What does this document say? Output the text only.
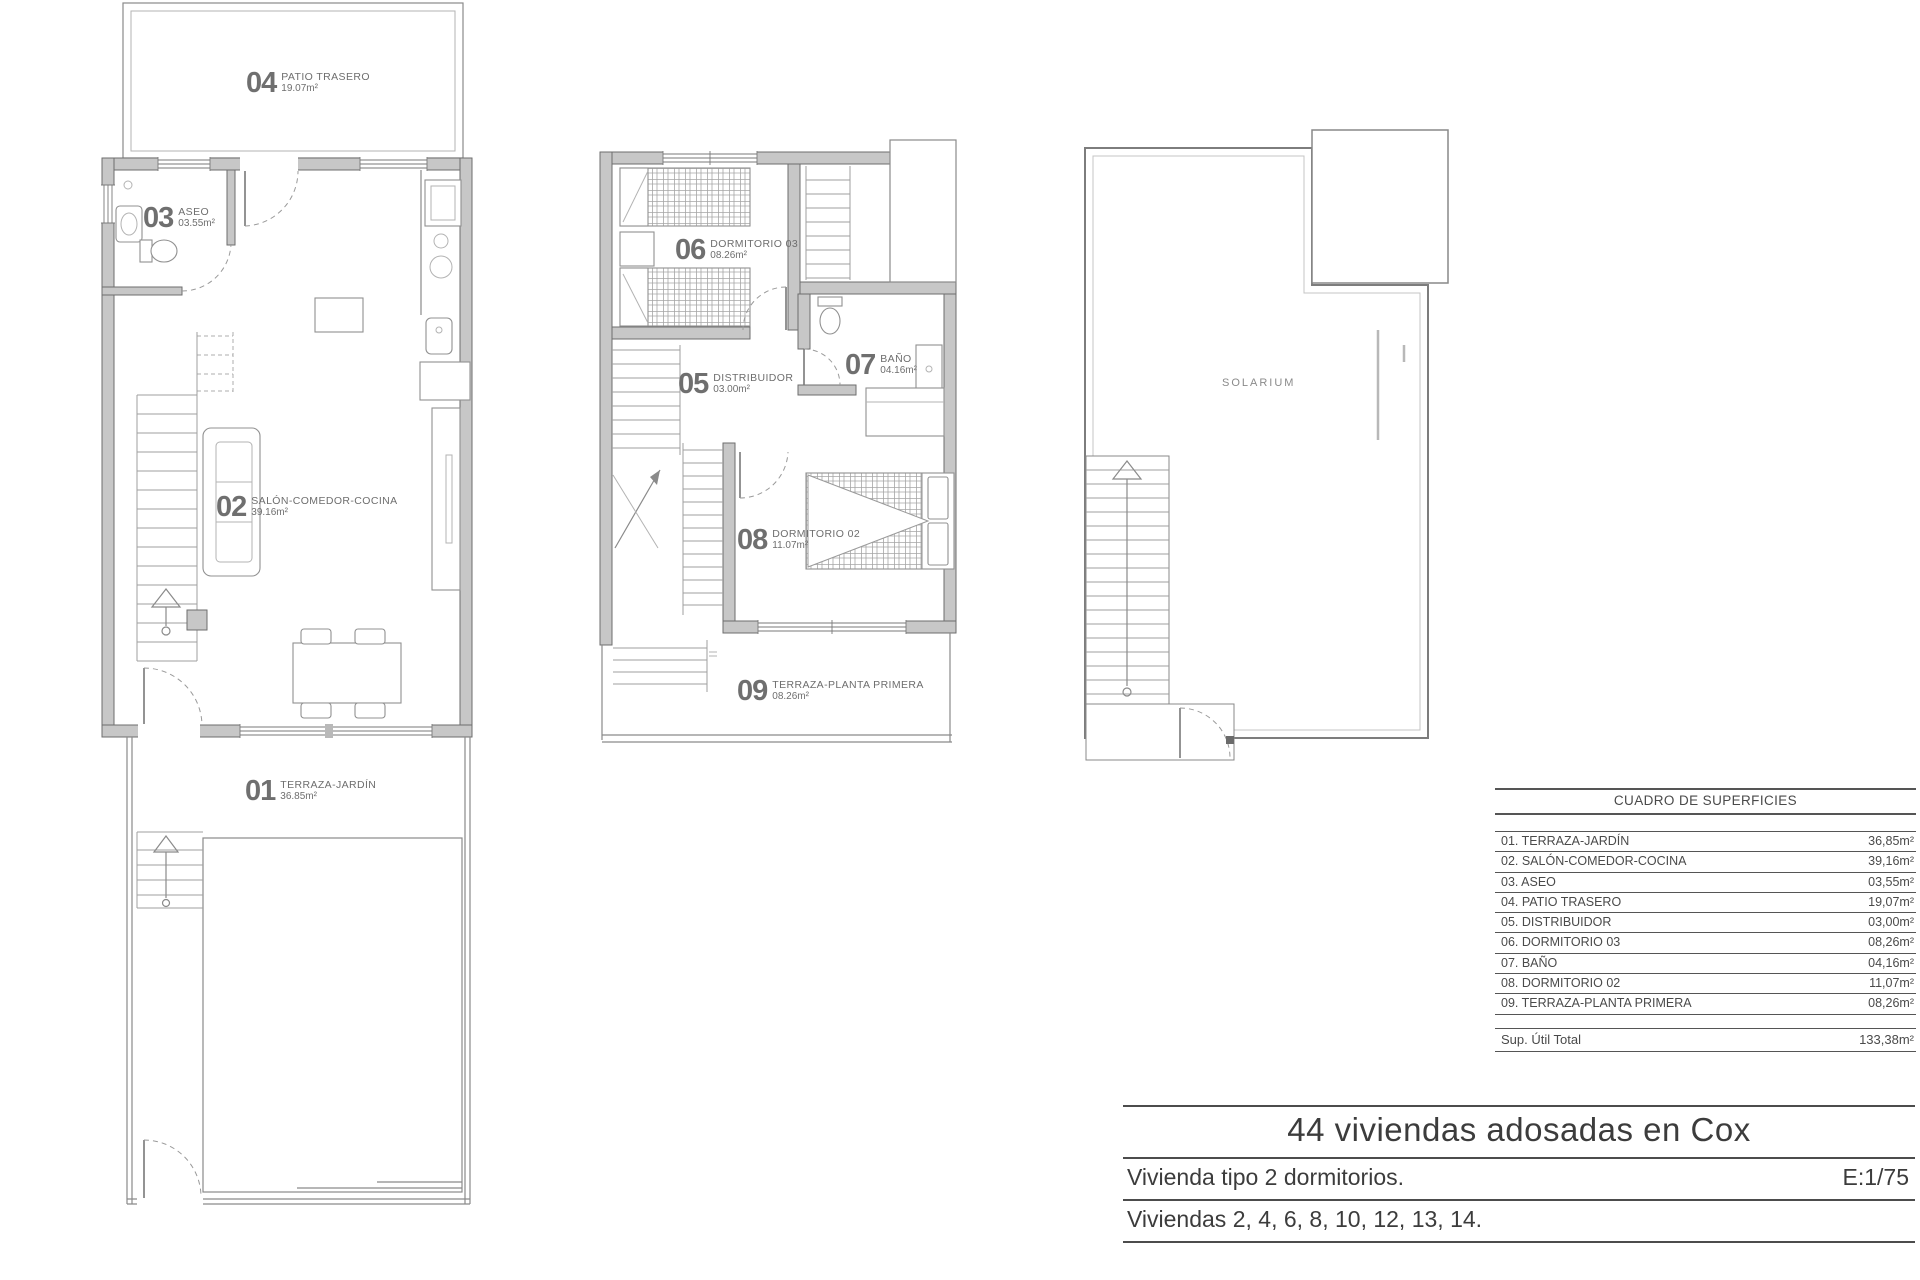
04 PATIO TRASERO
19.07m²
03 ASEO
03.55m²
02 SALÓN-COMEDOR-COCINA
39.16m²
01 TERRAZA-JARDÍN
36.85m²
06 DORMITORIO 03
08.26m²
05 DISTRIBUIDOR
03.00m²
07 BAÑO
04.16m²
08 DORMITORIO 02
11.07m²
09 TERRAZA-PLANTA PRIMERA
08.26m²
SOLARIUM
CUADRO DE SUPERFICIES
01. TERRAZA-JARDÍN	36,85m²
02. SALÓN-COMEDOR-COCINA	39,16m²
03. ASEO	03,55m²
04. PATIO TRASERO	19,07m²
05. DISTRIBUIDOR	03,00m²
06. DORMITORIO 03	08,26m²
07. BAÑO	04,16m²
08. DORMITORIO 02	11,07m²
09. TERRAZA-PLANTA PRIMERA	08,26m²
Sup. Útil Total	133,38m²
44 viviendas adosadas en Cox
Vivienda tipo 2 dormitorios.	E:1/75
Viviendas 2, 4, 6, 8, 10, 12, 13, 14.
